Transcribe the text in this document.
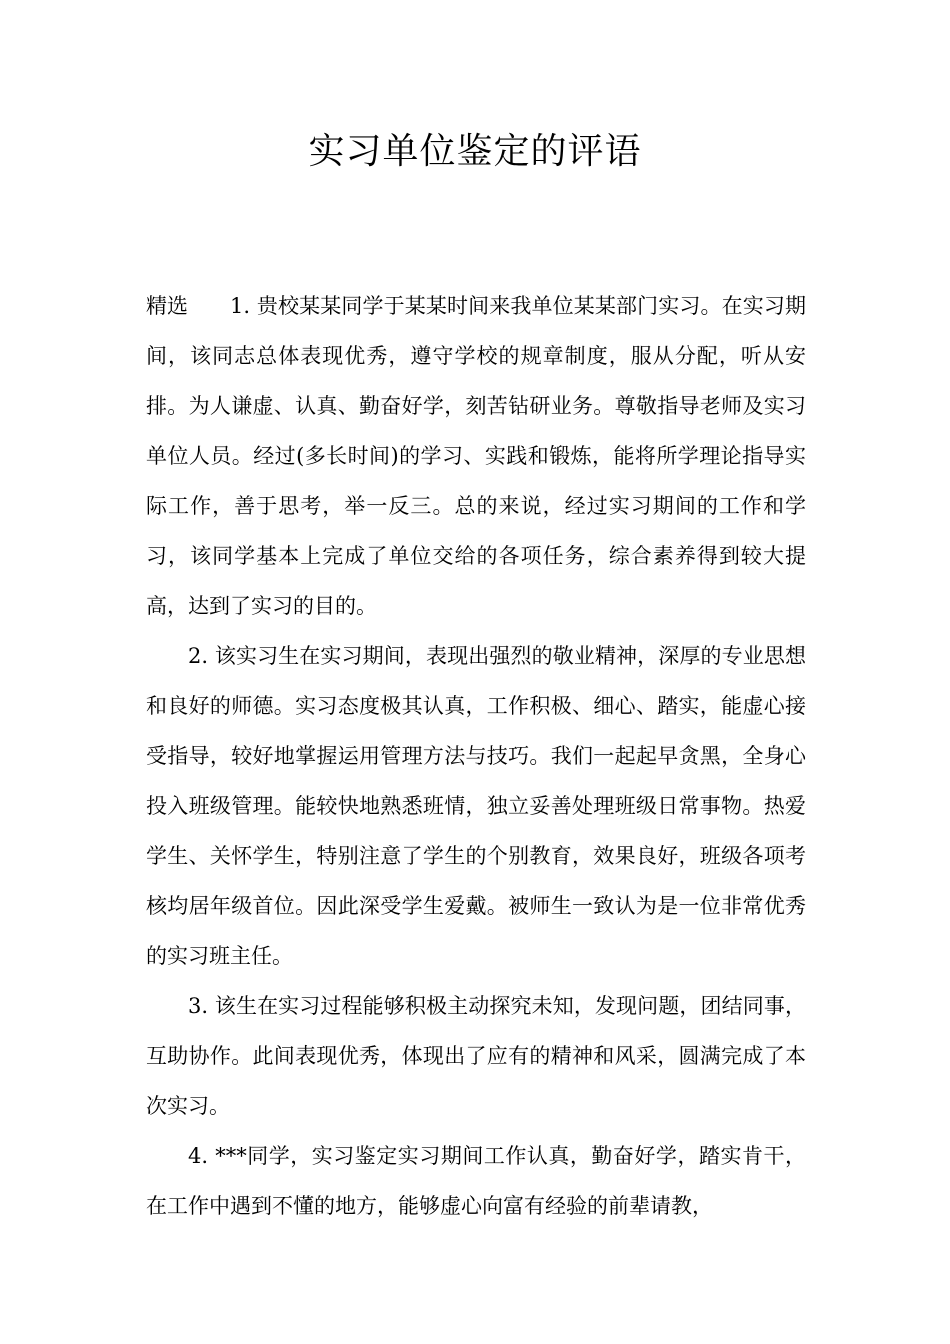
实习单位鉴定的评语

精选 1. 贵校某某同学于某某时间来我单位某某部门实习。在实习期间，该同志总体表现优秀，遵守学校的规章制度，服从分配，听从安排。为人谦虚、认真、勤奋好学，刻苦钻研业务。尊敬指导老师及实习单位人员。经过(多长时间)的学习、实践和锻炼，能将所学理论指导实际工作，善于思考，举一反三。总的来说，经过实习期间的工作和学习，该同学基本上完成了单位交给的各项任务，综合素养得到较大提高，达到了实习的目的。

2. 该实习生在实习期间，表现出强烈的敬业精神，深厚的专业思想和良好的师德。实习态度极其认真，工作积极、细心、踏实，能虚心接受指导，较好地掌握运用管理方法与技巧。我们一起起早贪黑，全身心投入班级管理。能较快地熟悉班情，独立妥善处理班级日常事物。热爱学生、关怀学生，特别注意了学生的个别教育，效果良好，班级各项考核均居年级首位。因此深受学生爱戴。被师生一致认为是一位非常优秀的实习班主任。

3. 该生在实习过程能够积极主动探究未知，发现问题，团结同事，互助协作。此间表现优秀，体现出了应有的精神和风采，圆满完成了本次实习。

4. ***同学，实习鉴定实习期间工作认真，勤奋好学，踏实肯干，在工作中遇到不懂的地方，能够虚心向富有经验的前辈请教，
